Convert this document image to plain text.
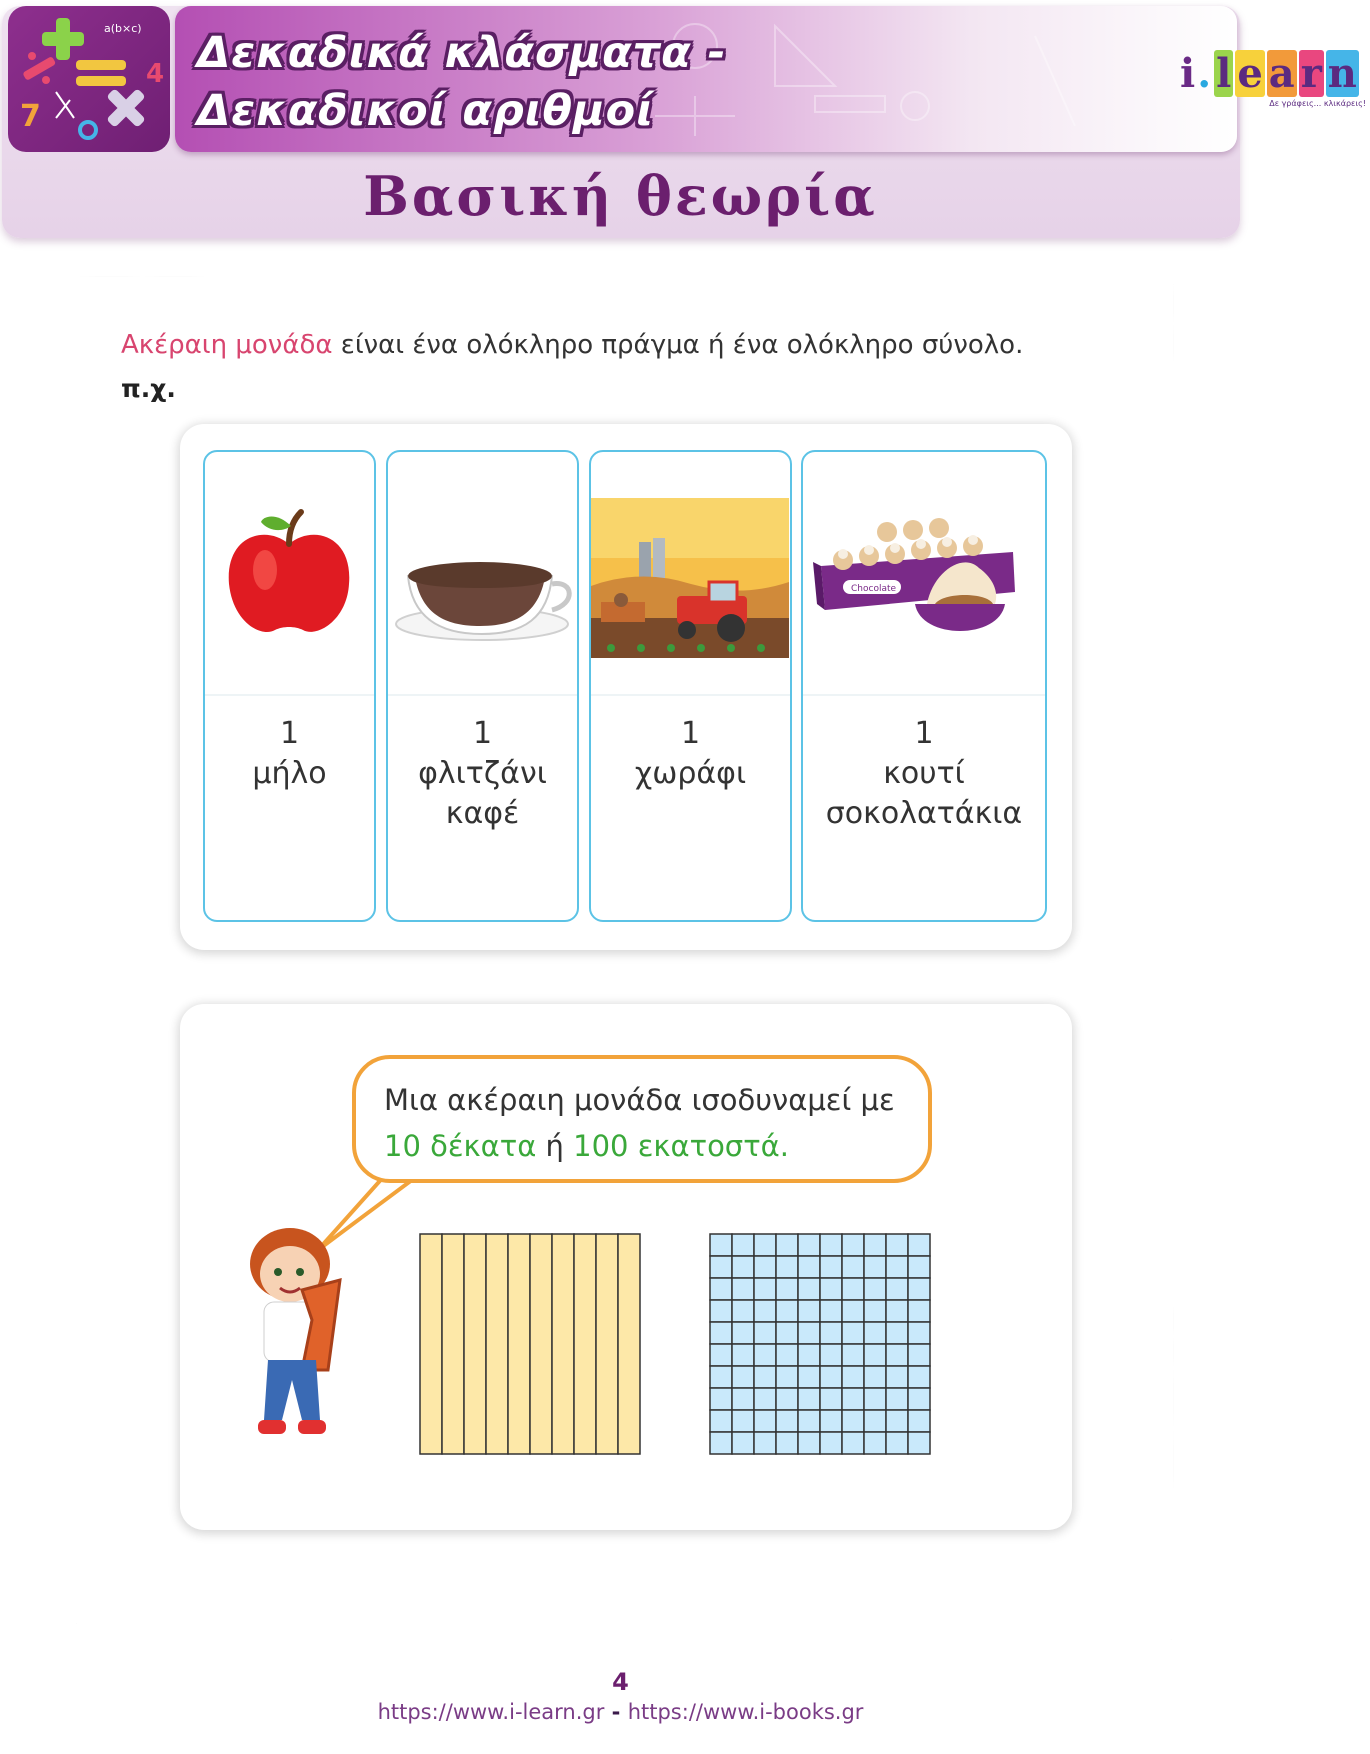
a(b×c)
7
4 Δεκαδικά κλάσματα -
Δεκαδικοί αριθμοί
i . l e a r n
Δε γράφεις... κλικάρεις!
Βασική θεωρία
Ακέραιη μονάδα είναι ένα ολόκληρο πράγμα ή ένα ολόκληρο σύνολο.
π.χ.
1
μήλο
1
φλιτζάνι
καφέ
1
χωράφι
Chocolate
1
κουτί
σοκολατάκια
Μια ακέραιη μονάδα ισοδυναμεί με
10 δέκατα ή 100 εκατοστά.
4
https://www.i-learn.gr - https://www.i-books.gr
